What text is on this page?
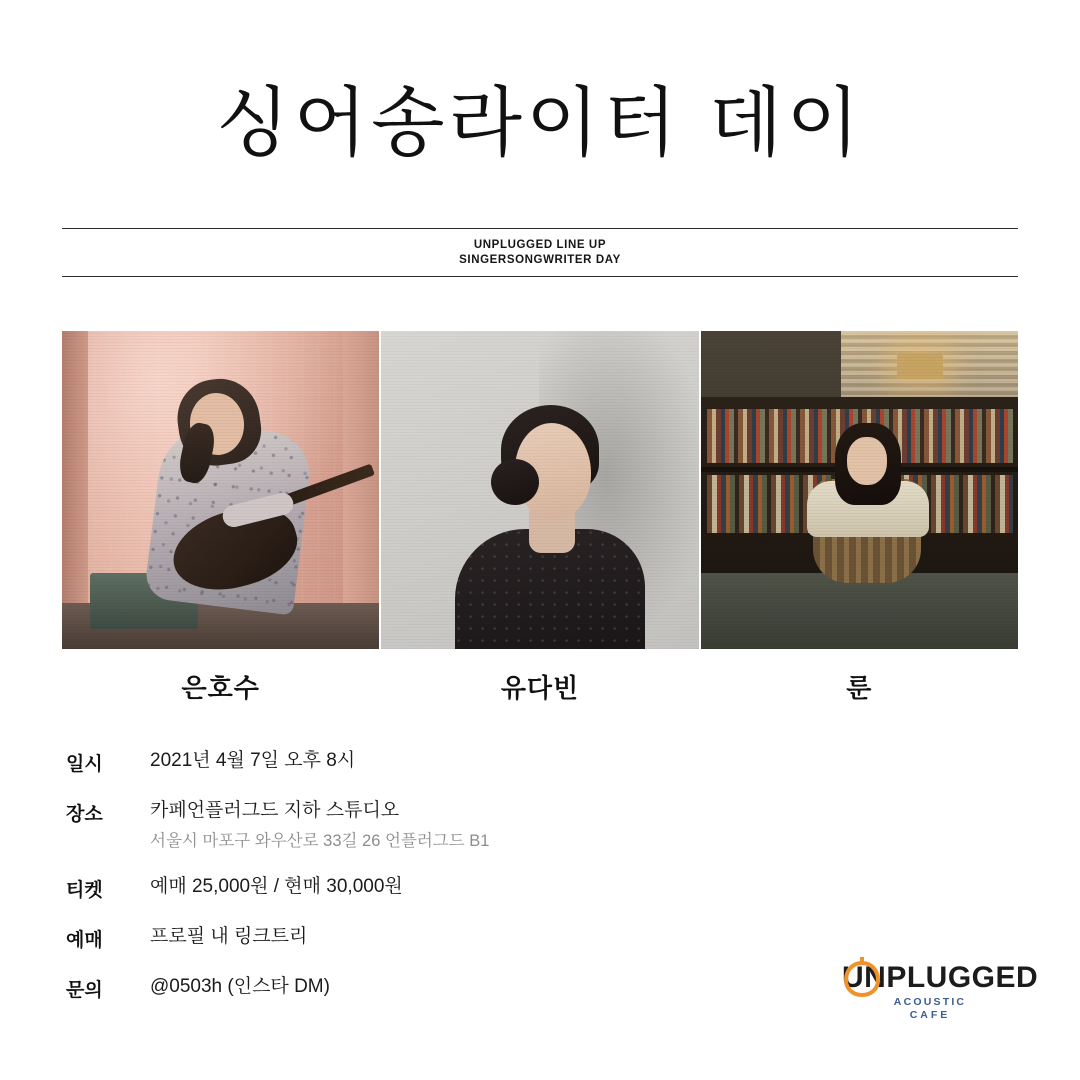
싱어송라이터 데이
UNPLUGGED LINE UP
SINGERSONGWRITER DAY
은호수	유다빈	룬
일시	2021년 4월 7일 오후 8시
장소	카페언플러그드 지하 스튜디오
서울시 마포구 와우산로 33길 26 언플러그드 B1
티켓	예매 25,000원 / 현매 30,000원
예매	프로필 내 링크트리
문의	@0503h (인스타 DM)	UNPLUGGED
ACOUSTIC
CAFE
